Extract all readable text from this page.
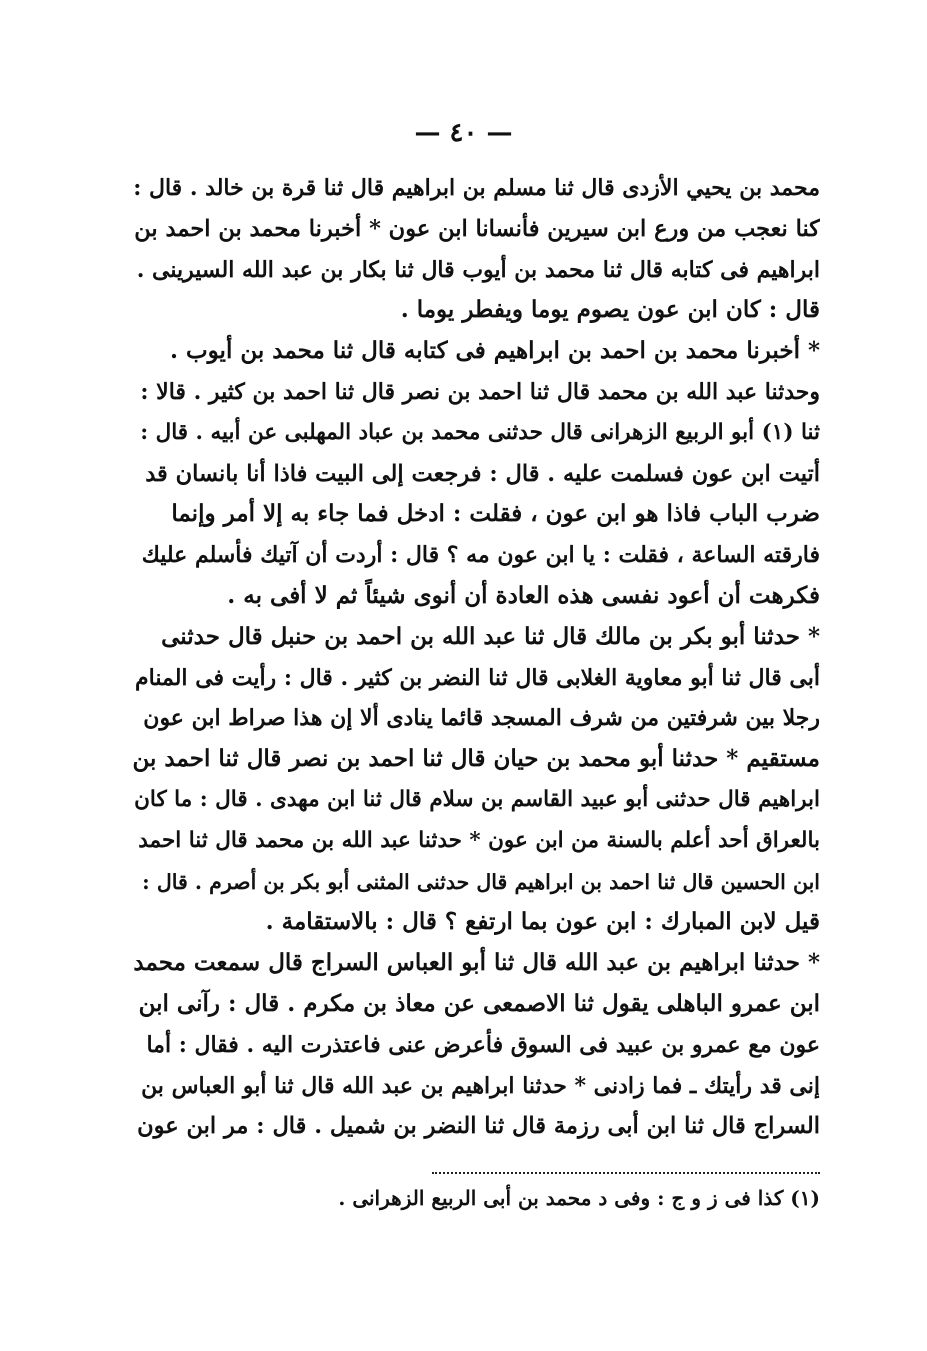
— ٤٠ —
محمد بن يحيي الأزدى قال ثنا مسلم بن ابراهيم قال ثنا قرة بن خالد . قال :
كنا نعجب من ورع ابن سيرين فأنسانا ابن عون * أخبرنا محمد بن احمد بن
ابراهيم فى كتابه قال ثنا محمد بن أيوب قال ثنا بكار بن عبد الله السيرينى .
قال : كان ابن عون يصوم يوما ويفطر يوما .
* أخبرنا محمد بن احمد بن ابراهيم فى كتابه قال ثنا محمد بن أيوب .
وحدثنا عبد الله بن محمد قال ثنا احمد بن نصر قال ثنا احمد بن كثير . قالا :
ثنا (١) أبو الربيع الزهرانى قال حدثنى محمد بن عباد المهلبى عن أبيه . قال :
أتيت ابن عون فسلمت عليه . قال : فرجعت إلى البيت فاذا أنا بانسان قد
ضرب الباب فاذا هو ابن عون ، فقلت : ادخل فما جاء به إلا أمر وإنما
فارقته الساعة ، فقلت : يا ابن عون مه ؟ قال : أردت أن آتيك فأسلم عليك
فكرهت أن أعود نفسى هذه العادة أن أنوى شيئاً ثم لا أفى به .
* حدثنا أبو بكر بن مالك قال ثنا عبد الله بن احمد بن حنبل قال حدثنى
أبى قال ثنا أبو معاوية الغلابى قال ثنا النضر بن كثير . قال : رأيت فى المنام
رجلا بين شرفتين من شرف المسجد قائما ينادى ألا إن هذا صراط ابن عون
مستقيم * حدثنا أبو محمد بن حيان قال ثنا احمد بن نصر قال ثنا احمد بن
ابراهيم قال حدثنى أبو عبيد القاسم بن سلام قال ثنا ابن مهدى . قال : ما كان
بالعراق أحد أعلم بالسنة من ابن عون * حدثنا عبد الله بن محمد قال ثنا احمد
ابن الحسين قال ثنا احمد بن ابراهيم قال حدثنى المثنى أبو بكر بن أصرم . قال :
قيل لابن المبارك : ابن عون بما ارتفع ؟ قال : بالاستقامة .
* حدثنا ابراهيم بن عبد الله قال ثنا أبو العباس السراج قال سمعت محمد
ابن عمرو الباهلى يقول ثنا الاصمعى عن معاذ بن مكرم . قال : رآنى ابن
عون مع عمرو بن عبيد فى السوق فأعرض عنى فاعتذرت اليه . فقال : أما
إنى قد رأيتك ـ فما زادنى * حدثنا ابراهيم بن عبد الله قال ثنا أبو العباس بن
السراج قال ثنا ابن أبى رزمة قال ثنا النضر بن شميل . قال : مر ابن عون
(١) كذا فى ز و ج : وفى د محمد بن أبى الربيع الزهرانى .
